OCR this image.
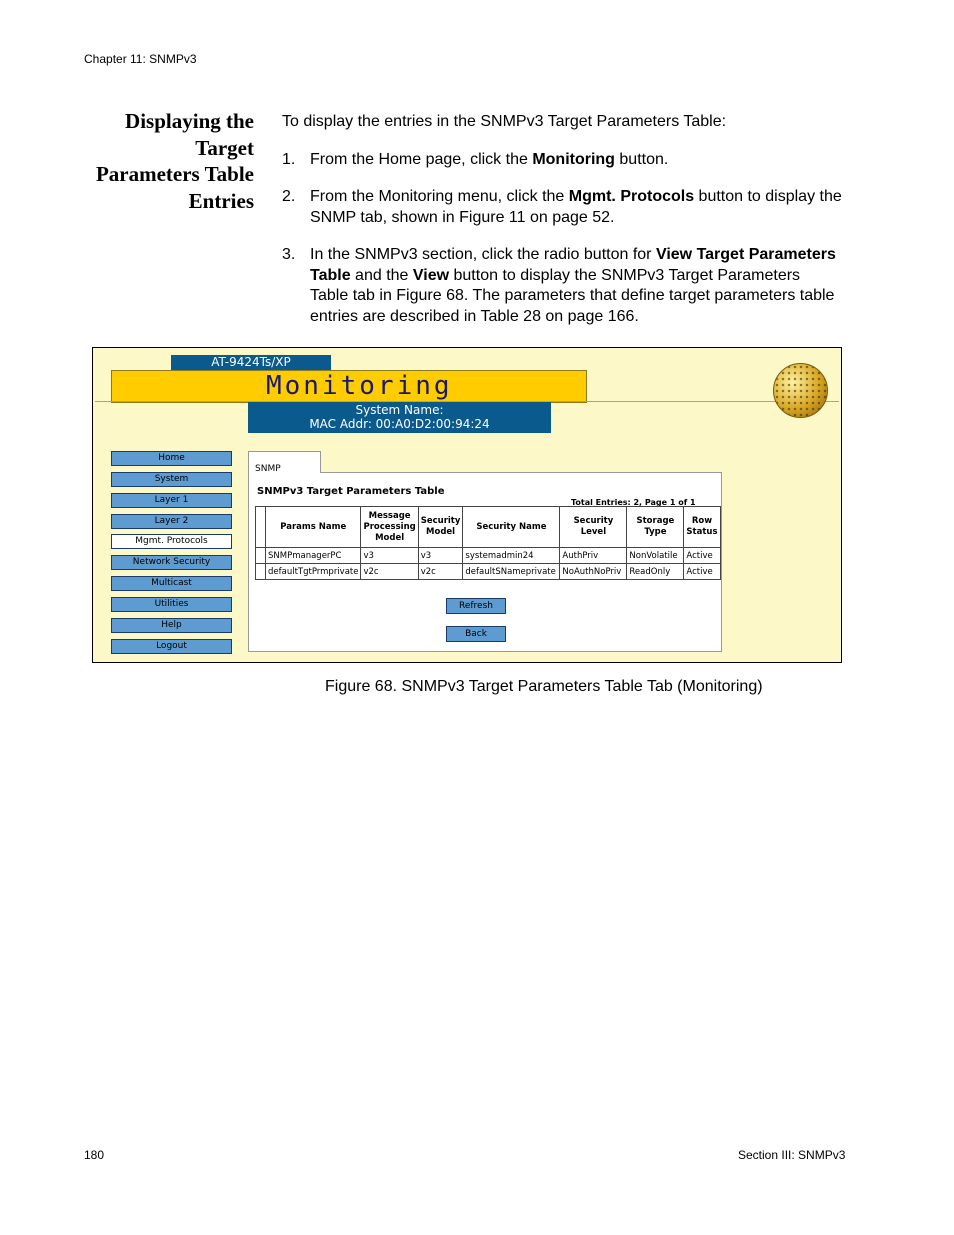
Chapter 11: SNMPv3
Displaying the
Target
Parameters Table
Entries
To display the entries in the SNMPv3 Target Parameters Table:
1. From the Home page, click the Monitoring button.
2. From the Monitoring menu, click the Mgmt. Protocols button to display the SNMP tab, shown in Figure 11 on page 52.
3. In the SNMPv3 section, click the radio button for View Target Parameters Table and the View button to display the SNMPv3 Target Parameters Table tab in Figure 68. The parameters that define target parameters table entries are described in Table 28 on page 166.
AT-9424Ts/XP
Monitoring
System Name:
MAC Addr: 00:A0:D2:00:94:24
Home
System
Layer 1
Layer 2
Mgmt. Protocols
Network Security
Multicast
Utilities
Help
Logout
SNMPv3 Target Parameters Table
Total Entries: 2, Page 1 of 1
	Params Name	Message Processing Model	Security Model	Security Name	Security Level	Storage Type	Row Status
	SNMPmanagerPC	v3	v3	systemadmin24	AuthPriv	NonVolatile	Active
	defaultTgtPrmprivate	v2c	v2c	defaultSNameprivate	NoAuthNoPriv	ReadOnly	Active
Refresh
Back
SNMP
Figure 68. SNMPv3 Target Parameters Table Tab (Monitoring)
180	Section III: SNMPv3
